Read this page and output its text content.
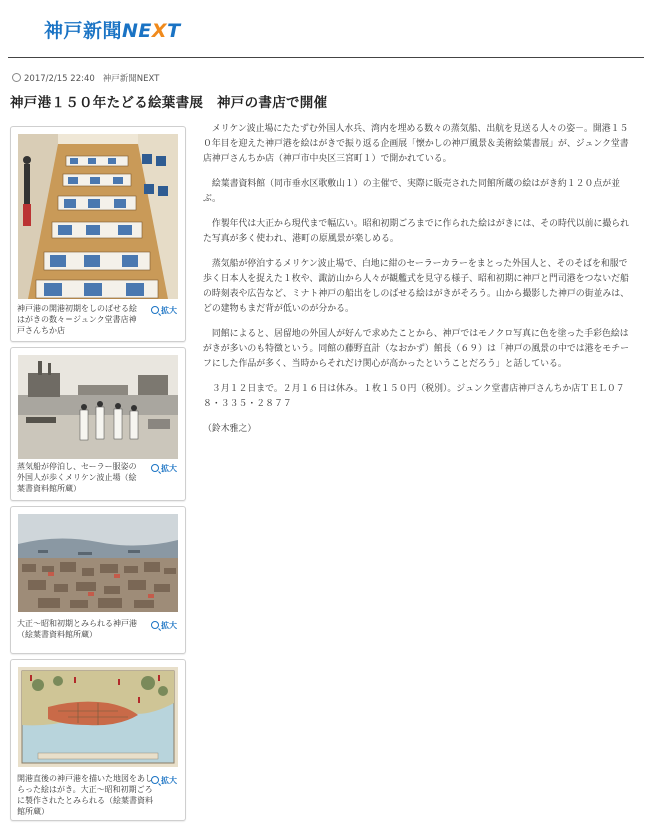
神戸新聞NEXT
2017/2/15 22:40 神戸新聞NEXT
神戸港１５０年たどる絵葉書展　神戸の書店で開催
神戸港の開港初期をしのばせる絵はがきの数々＝ジュンク堂書店神戸さんちか店
拡大
蒸気船が停泊し、セーラー服姿の外国人が歩くメリケン波止場（絵葉書資料館所蔵）
拡大
大正～昭和初期とみられる神戸港（絵葉書資料館所蔵）
拡大
開港直後の神戸港を描いた地図をあしらった絵はがき。大正～昭和初期ごろに製作されたとみられる（絵葉書資料館所蔵）
拡大

メリケン波止場にたたずむ外国人水兵、湾内を埋める数々の蒸気船、出航を見送る人々の姿－。開港１５０年目を迎えた神戸港を絵はがきで振り返る企画展「懐かしの神戸風景＆美術絵葉書展」が、ジュンク堂書店神戸さんちか店（神戸市中央区三宮町１）で開かれている。

絵葉書資料館（同市垂水区歌敷山１）の主催で、実際に販売された同館所蔵の絵はがき約１２０点が並ぶ。

作製年代は大正から現代まで幅広い。昭和初期ごろまでに作られた絵はがきには、その時代以前に撮られた写真が多く使われ、港町の原風景が楽しめる。

蒸気船が停泊するメリケン波止場で、白地に紺のセーラーカラーをまとった外国人と、そのそばを和服で歩く日本人を捉えた１枚や、諏訪山から人々が観艦式を見守る様子、昭和初期に神戸と門司港をつないだ船の時刻表や広告など、ミナト神戸の船出をしのばせる絵はがきがそろう。山から撮影した神戸の街並みは、どの建物もまだ背が低いのが分かる。

同館によると、居留地の外国人が好んで求めたことから、神戸ではモノクロ写真に色を塗った手彩色絵はがきが多いのも特徴という。同館の藤野直計（なおかず）館長（６９）は「神戸の風景の中では港をモチーフにした作品が多く、当時からそれだけ関心が高かったということだろう」と話している。

３月１２日まで。２月１６日は休み。１枚１５０円（税別）。ジュンク堂書店神戸さんちか店ＴＥＬ０７８・３３５・２８７７

（鈴木雅之）
